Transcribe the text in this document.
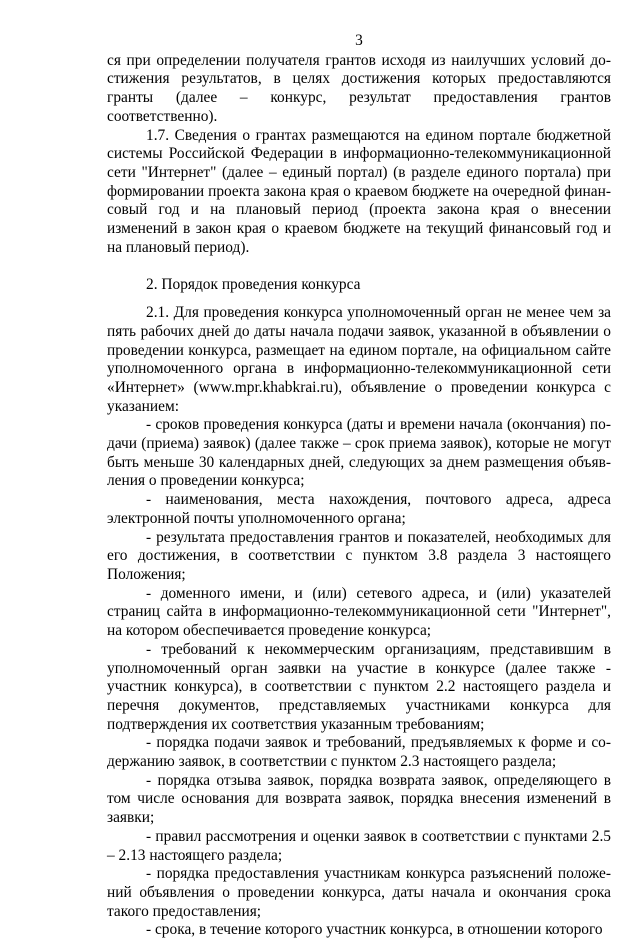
3

ся при определении получателя грантов исходя из наилучших условий достижения результатов, в целях достижения которых предоставляются гранты (далее – конкурс, результат предоставления грантов соответственно).

1.7. Сведения о грантах размещаются на едином портале бюджетной системы Российской Федерации в информационно-телекоммуникационной сети "Интернет" (далее – единый портал) (в разделе единого портала) при формировании проекта закона края о краевом бюджете на очередной финансовый год и на плановый период (проекта закона края о внесении изменений в закон края о краевом бюджете на текущий финансовый год и на плановый период).

2. Порядок проведения конкурса

2.1. Для проведения конкурса уполномоченный орган не менее чем за пять рабочих дней до даты начала подачи заявок, указанной в объявлении о проведении конкурса, размещает на едином портале, на официальном сайте уполномоченного органа в информационно-телекоммуникационной сети «Интернет» (www.mpr.khabkrai.ru), объявление о проведении конкурса с указанием:

- сроков проведения конкурса (даты и времени начала (окончания) подачи (приема) заявок) (далее также – срок приема заявок), которые не могут быть меньше 30 календарных дней, следующих за днем размещения объявления о проведении конкурса;

- наименования, места нахождения, почтового адреса, адреса электронной почты уполномоченного органа;

- результата предоставления грантов и показателей, необходимых для его достижения, в соответствии с пунктом 3.8 раздела 3 настоящего Положения;

- доменного имени, и (или) сетевого адреса, и (или) указателей страниц сайта в информационно-телекоммуникационной сети "Интернет", на котором обеспечивается проведение конкурса;

- требований к некоммерческим организациям, представившим в уполномоченный орган заявки на участие в конкурсе (далее также - участник конкурса), в соответствии с пунктом 2.2 настоящего раздела и перечня документов, представляемых участниками конкурса для подтверждения их соответствия указанным требованиям;

- порядка подачи заявок и требований, предъявляемых к форме и содержанию заявок, в соответствии с пунктом 2.3 настоящего раздела;

- порядка отзыва заявок, порядка возврата заявок, определяющего в том числе основания для возврата заявок, порядка внесения изменений в заявки;

- правил рассмотрения и оценки заявок в соответствии с пунктами 2.5 – 2.13 настоящего раздела;

- порядка предоставления участникам конкурса разъяснений положений объявления о проведении конкурса, даты начала и окончания срока такого предоставления;

- срока, в течение которого участник конкурса, в отношении которого
